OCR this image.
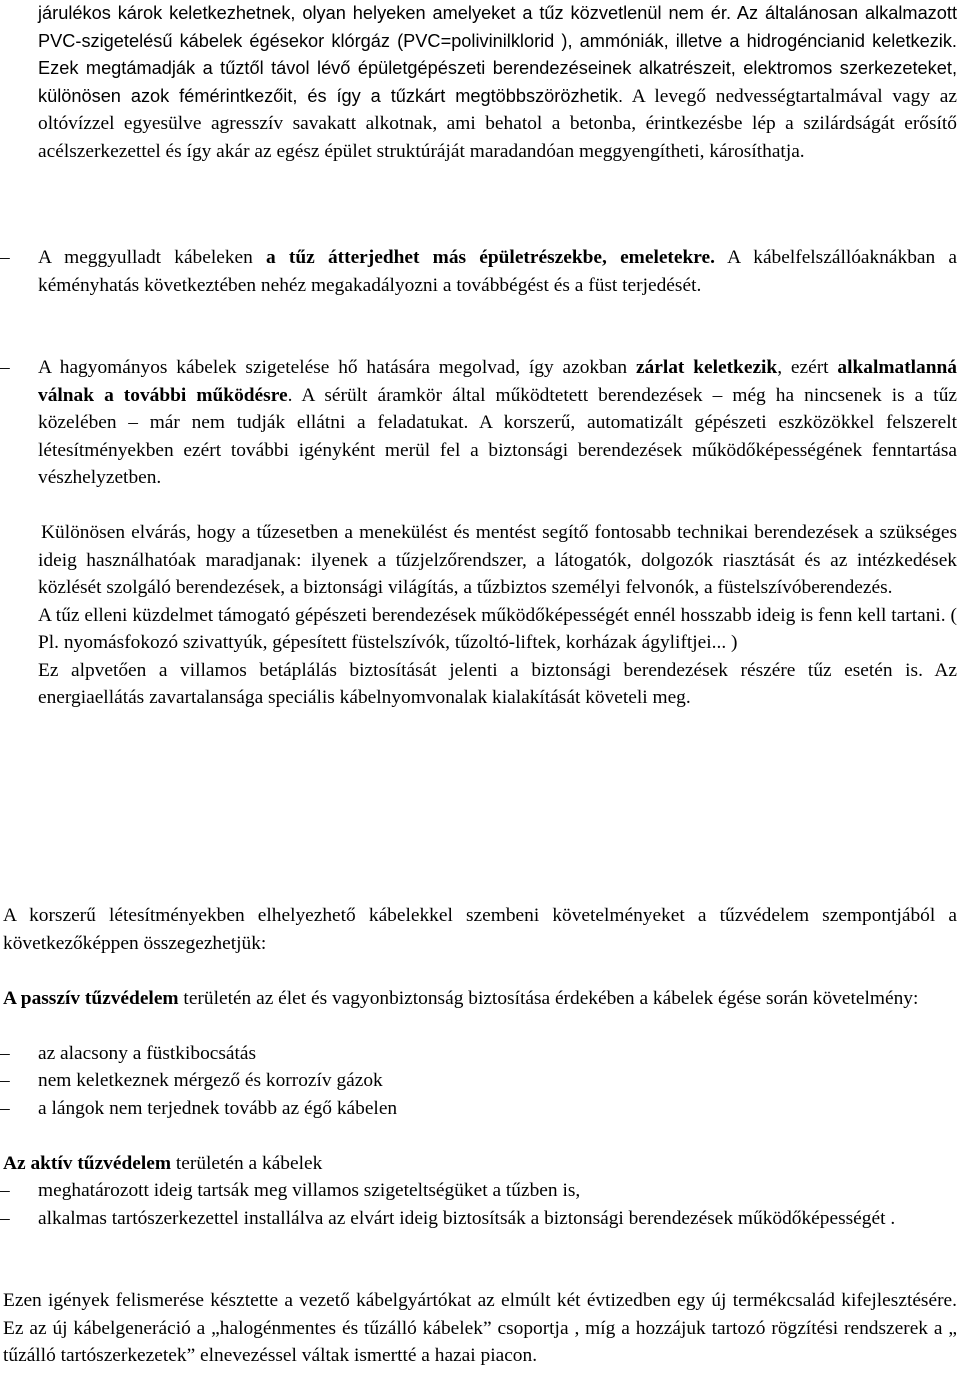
járulékos károk keletkezhetnek, olyan helyeken amelyeket a tűz közvetlenül nem ér. Az általánosan alkalmazott PVC-szigetelésű kábelek égésekor klórgáz (PVC=polivinilklorid ), ammóniák, illetve a hidrogéncianid keletkezik. Ezek megtámadják a tűztől távol lévő épületgépészeti berendezéseinek alkatrészeit, elektromos szerkezeteket, különösen azok fémérintkezőit, és így a tűzkárt megtöbbszörözhetik. A levegő nedvességtartalmával vagy az oltóvízzel egyesülve agresszív savakatt alkotnak, ami behatol a betonba, érintkezésbe lép a szilárdságát erősítő acélszerkezettel és így akár az egész épület struktúráját maradandóan meggyengítheti, károsíthatja.
– A meggyulladt kábeleken a tűz átterjedhet más épületrészekbe, emeletekre. A kábelfelszállóaknákban a kéményhatás következtében nehéz megakadályozni a továbbégést és a füst terjedését.
– A hagyományos kábelek szigetelése hő hatására megolvad, így azokban zárlat keletkezik, ezért alkalmatlanná válnak a további működésre. A sérült áramkör által működtetett berendezések – még ha nincsenek is a tűz közelében – már nem tudják ellátni a feladatukat. A korszerű, automatizált gépészeti eszközökkel felszerelt létesítményekben ezért további igényként merül fel a biztonsági berendezések működőképességének fenntartása vészhelyzetben.

Különösen elvárás, hogy a tűzesetben a menekülést és mentést segítő fontosabb technikai berendezések a szükséges ideig használhatóak maradjanak: ilyenek a tűzjelzőrendszer, a látogatók, dolgozók riasztását és az intézkedések közlését szolgáló berendezések, a biztonsági világítás, a tűzbiztos személyi felvonók, a füstelszívóberendezés.

A tűz elleni küzdelmet támogató gépészeti berendezések működőképességét ennél hosszabb ideig is fenn kell tartani. ( Pl. nyomásfokozó szivattyúk, gépesített füstelszívók, tűzoltó-liftek, korházak ágyliftjei... )

Ez alpvetően a villamos betáplálás biztosítását jelenti a biztonsági berendezések részére tűz esetén is. Az energiaellátás zavartalansága speciális kábelnyomvonalak kialakítását követeli meg.

A korszerű létesítményekben elhelyezhető kábelekkel szembeni követelményeket a tűzvédelem szempontjából a következőképpen összegezhetjük:
A passzív tűzvédelem területén az élet és vagyonbiztonság biztosítása érdekében a kábelek égése során követelmény:
– az alacsony a füstkibocsátás
– nem keletkeznek mérgező és korrozív gázok
– a lángok nem terjednek tovább az égő kábelen
Az aktív tűzvédelem területén a kábelek
– meghatározott ideig tartsák meg villamos szigeteltségüket a tűzben is,
– alkalmas tartószerkezettel installálva az elvárt ideig biztosítsák a biztonsági berendezések működőképességét .
Ezen igények felismerése késztette a vezető kábelgyártókat az elmúlt két évtizedben egy új termékcsalád kifejlesztésére. Ez az új kábelgeneráció a „halogénmentes és tűzálló kábelek” csoportja , míg a hozzájuk tartozó rögzítési rendszerek a „ tűzálló tartószerkezetek” elnevezéssel váltak ismertté a hazai piacon.
